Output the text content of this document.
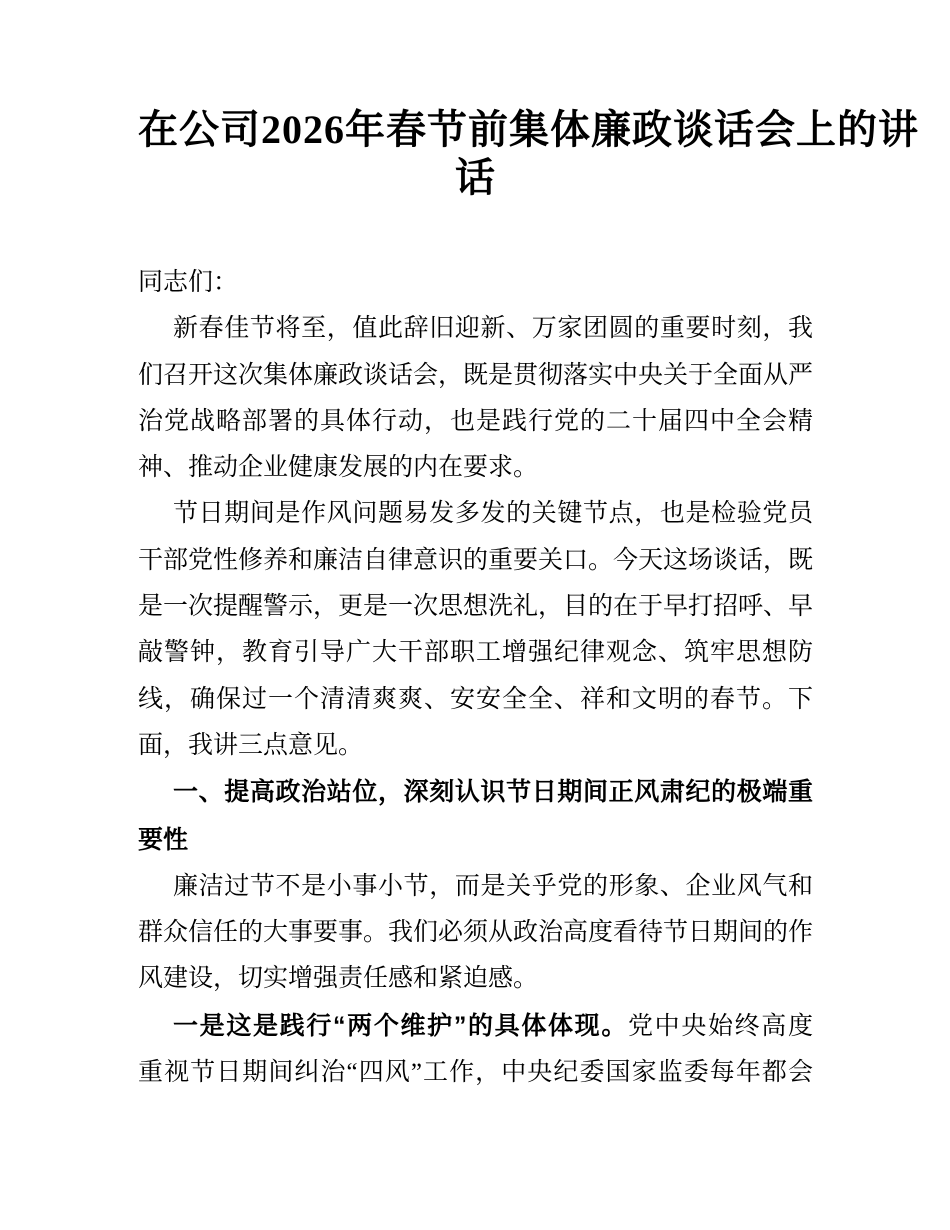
在公司2026年春节前集体廉政谈话会上的讲
话
同志们：
新春佳节将至，值此辞旧迎新、万家团圆的重要时刻，我
们召开这次集体廉政谈话会，既是贯彻落实中央关于全面从严
治党战略部署的具体行动，也是践行党的二十届四中全会精
神、推动企业健康发展的内在要求。
节日期间是作风问题易发多发的关键节点，也是检验党员
干部党性修养和廉洁自律意识的重要关口。今天这场谈话，既
是一次提醒警示，更是一次思想洗礼，目的在于早打招呼、早
敲警钟，教育引导广大干部职工增强纪律观念、筑牢思想防
线，确保过一个清清爽爽、安安全全、祥和文明的春节。下
面，我讲三点意见。
一、提高政治站位，深刻认识节日期间正风肃纪的极端重
要性
廉洁过节不是小事小节，而是关乎党的形象、企业风气和
群众信任的大事要事。我们必须从政治高度看待节日期间的作
风建设，切实增强责任感和紧迫感。
一是这是践行“两个维护”的具体体现。党中央始终高度
重视节日期间纠治“四风”工作，中央纪委国家监委每年都会
